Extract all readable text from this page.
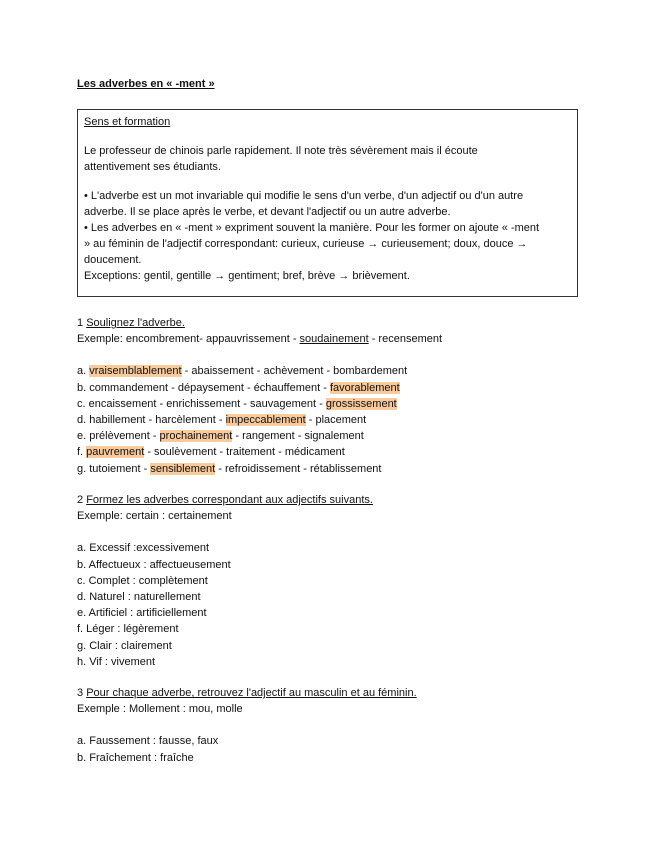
Les adverbes en « -ment »
Sens et formation
Le professeur de chinois parle rapidement. Il note très sévèrement mais il écoute
attentivement ses étudiants.
• L'adverbe est un mot invariable qui modifie le sens d'un verbe, d'un adjectif ou d'un autre
adverbe. Il se place après le verbe, et devant l'adjectif ou un autre adverbe.
• Les adverbes en « -ment » expriment souvent la manière. Pour les former on ajoute « -ment
» au féminin de l'adjectif correspondant: curieux, curieuse → curieusement; doux, douce →
doucement.
Exceptions: gentil, gentille → gentiment; bref, brève → brièvement.
1 Soulignez l'adverbe.
Exemple: encombrement- appauvrissement - soudainement - recensement
a. vraisemblablement - abaissement - achèvement - bombardement
b. commandement - dépaysement - échauffement - favorablement
c. encaissement - enrichissement - sauvagement - grossissement
d. habillement - harcèlement - impeccablement - placement
e. prélèvement - prochainement - rangement - signalement
f. pauvrement - soulèvement - traitement - médicament
g. tutoiement - sensiblement - refroidissement - rétablissement
2 Formez les adverbes correspondant aux adjectifs suivants.
Exemple: certain : certainement
a. Excessif :excessivement
b. Affectueux : affectueusement
c. Complet : complètement
d. Naturel : naturellement
e. Artificiel : artificiellement
f. Léger : légèrement
g. Clair : clairement
h. Vif : vivement
3 Pour chaque adverbe, retrouvez l'adjectif au masculin et au féminin.
Exemple : Mollement : mou, molle
a. Faussement : fausse, faux
b. Fraîchement : fraîche
